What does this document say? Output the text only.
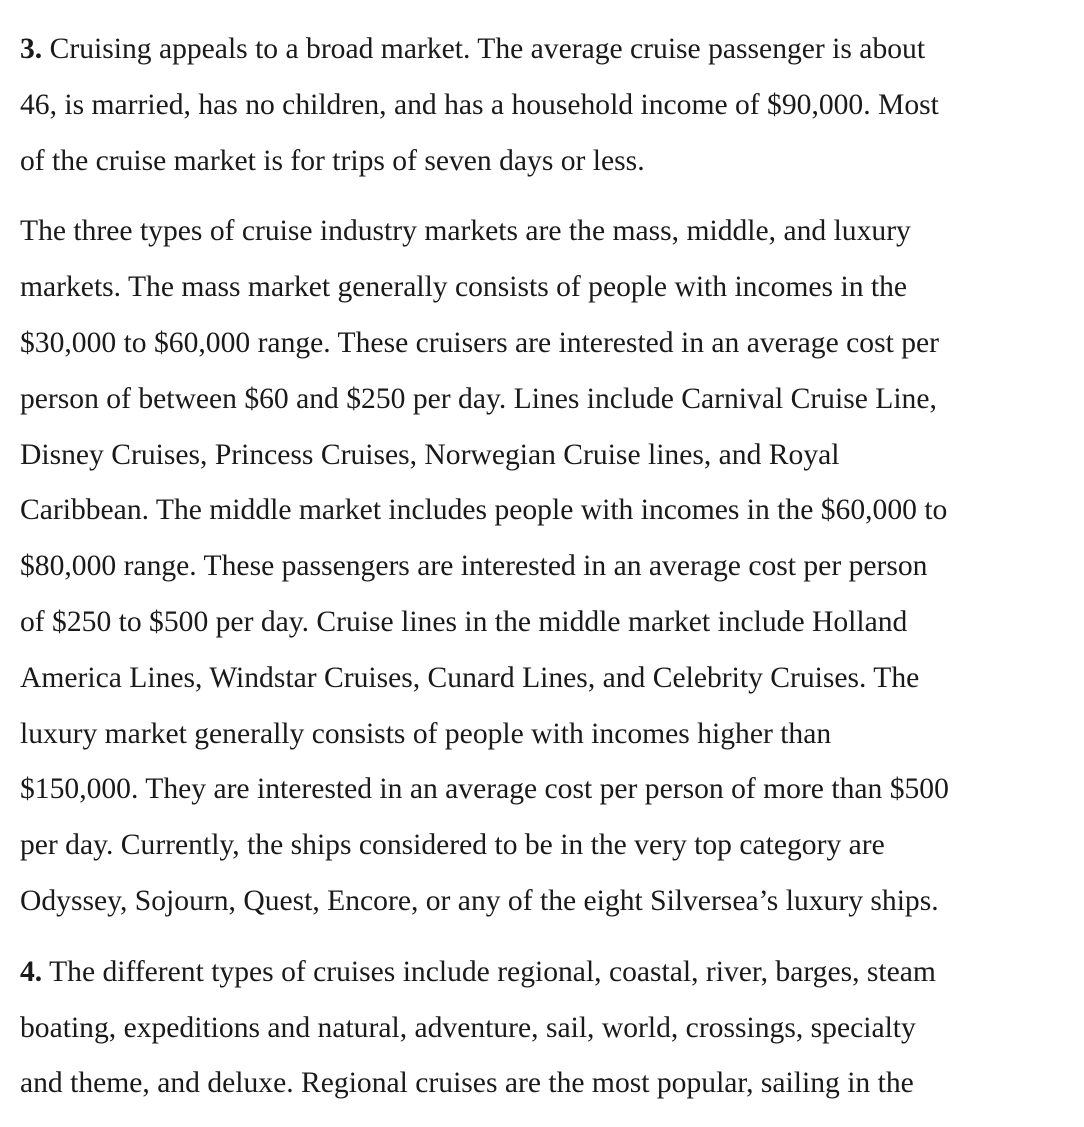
3. Cruising appeals to a broad market. The average cruise passenger is about
46, is married, has no children, and has a household income of $90,000. Most
of the cruise market is for trips of seven days or less.
The three types of cruise industry markets are the mass, middle, and luxury
markets. The mass market generally consists of people with incomes in the
$30,000 to $60,000 range. These cruisers are interested in an average cost per
person of between $60 and $250 per day. Lines include Carnival Cruise Line,
Disney Cruises, Princess Cruises, Norwegian Cruise lines, and Royal
Caribbean. The middle market includes people with incomes in the $60,000 to
$80,000 range. These passengers are interested in an average cost per person
of $250 to $500 per day. Cruise lines in the middle market include Holland
America Lines, Windstar Cruises, Cunard Lines, and Celebrity Cruises. The
luxury market generally consists of people with incomes higher than
$150,000. They are interested in an average cost per person of more than $500
per day. Currently, the ships considered to be in the very top category are
Odyssey, Sojourn, Quest, Encore, or any of the eight Silversea’s luxury ships.
4. The different types of cruises include regional, coastal, river, barges, steam
boating, expeditions and natural, adventure, sail, world, crossings, specialty
and theme, and deluxe. Regional cruises are the most popular, sailing in the
